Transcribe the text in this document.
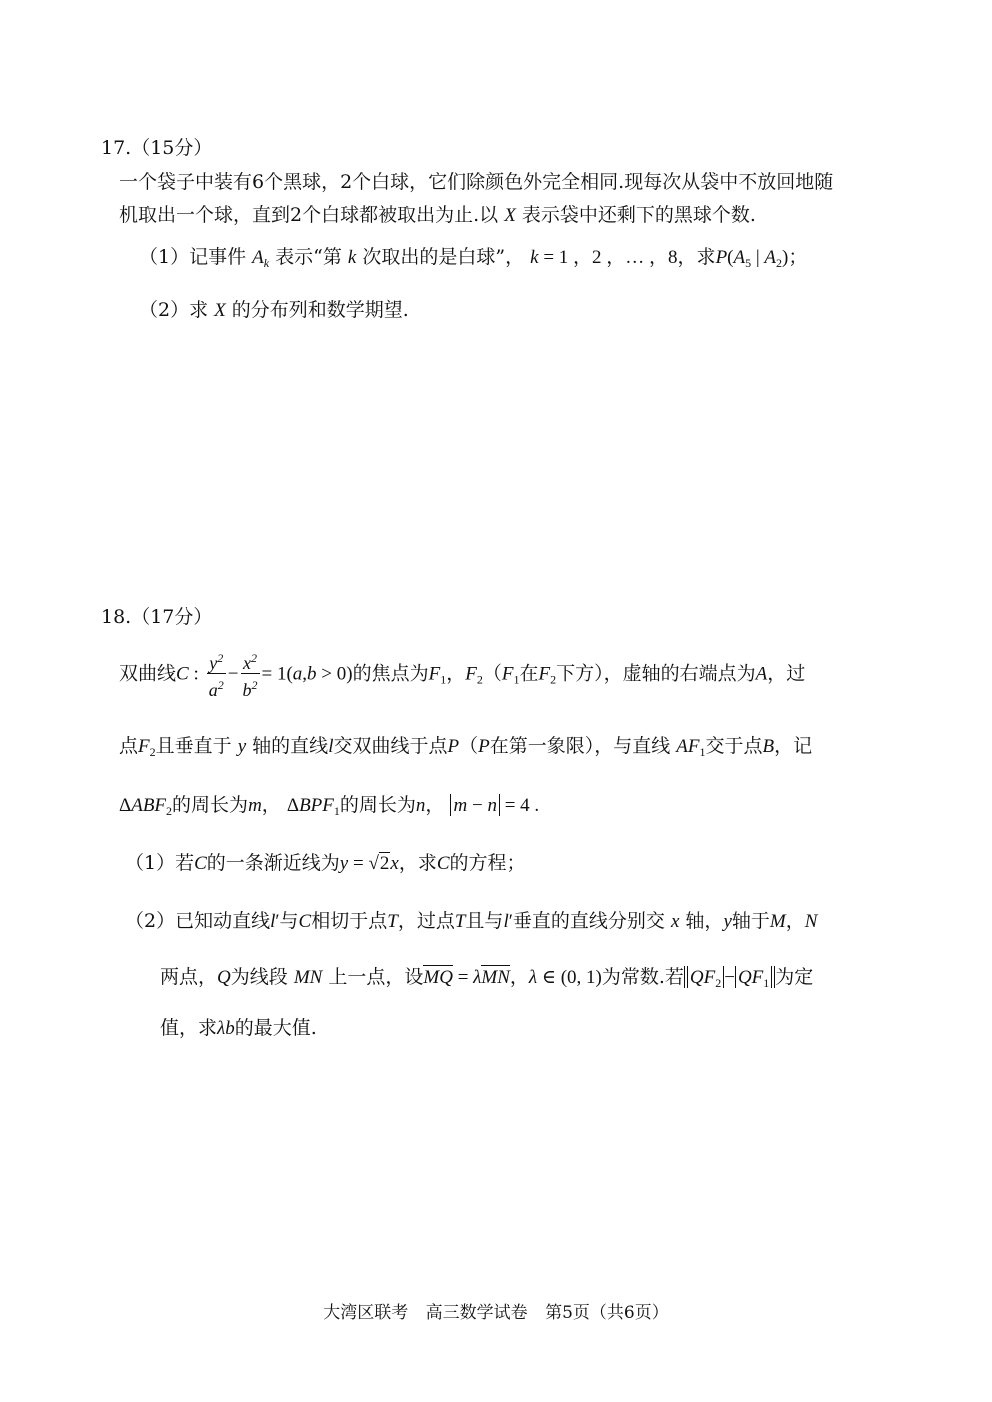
17.（15分）
一个袋子中装有6个黑球，2个白球，它们除颜色外完全相同.现每次从袋中不放回地随
机取出一个球，直到2个白球都被取出为止.以 X 表示袋中还剩下的黑球个数.
（1）记事件 $A_k$ 表示“第 k 次取出的是白球”， k = 1 ，2 ，… ，8，求$P(A_5$ | $A_2$)；
（2）求 X 的分布列和数学期望.
18.（17分）
双曲线C : $\frac{y^2}{a^2} - \frac{x^2}{b^2} = 1(a,b > 0)$的焦点为$F_1$，$F_2(F_1$在$F_2$下方），虚轴的右端点为A，过
点$F_2$且垂直于 y 轴的直线l交双曲线于点P（P在第一象限），与直线 $AF_1$交于点B，记
$\Delta ABF_2$的周长为m， $\Delta BPF_1$的周长为n， m − n = 4 .
（1）若C的一条渐近线为y = √2x，求C的方程；
（2）已知动直线l′与C相切于点T，过点T且与l′垂直的直线分别交 x 轴，y轴于M，N
两点，Q为线段 MN 上一点，设MQ = λMN，λ ∈ (0, 1)为常数.若 $QF_2 - QF_1$ 为定
值，求λb的最大值.
大湾区联考 高三数学试卷 第5页（共6页）
